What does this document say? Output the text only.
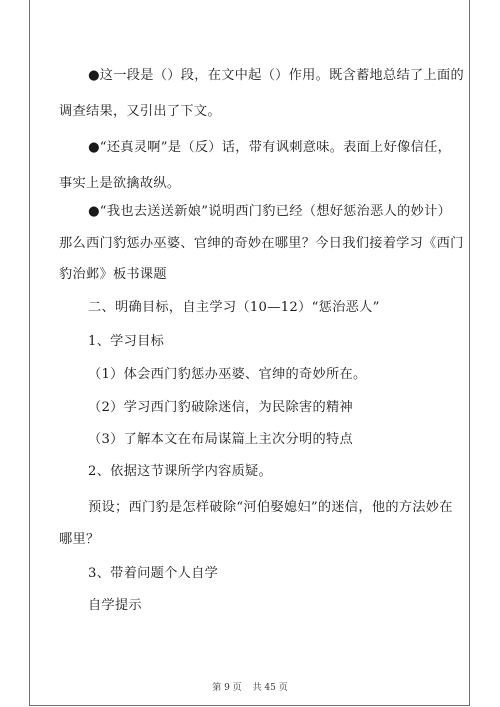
●这一段是（）段，在文中起（）作用。既含蓄地总结了上面的
调查结果，又引出了下文。
●“还真灵啊”是（反）话，带有讽刺意味。表面上好像信任，
事实上是欲擒故纵。
●“我也去送送新娘”说明西门豹已经（想好惩治恶人的妙计）
那么西门豹惩办巫婆、官绅的奇妙在哪里？今日我们接着学习《西门
豹治邺》板书课题
二、明确目标，自主学习（10—12）“惩治恶人”
1、学习目标
（1）体会西门豹惩办巫婆、官绅的奇妙所在。
（2）学习西门豹破除迷信，为民除害的精神
（3）了解本文在布局谋篇上主次分明的特点
2、依据这节课所学内容质疑。
预设；西门豹是怎样破除“河伯娶媳妇”的迷信，他的方法妙在
哪里？
3、带着问题个人自学
自学提示
第 9 页 共 45 页
